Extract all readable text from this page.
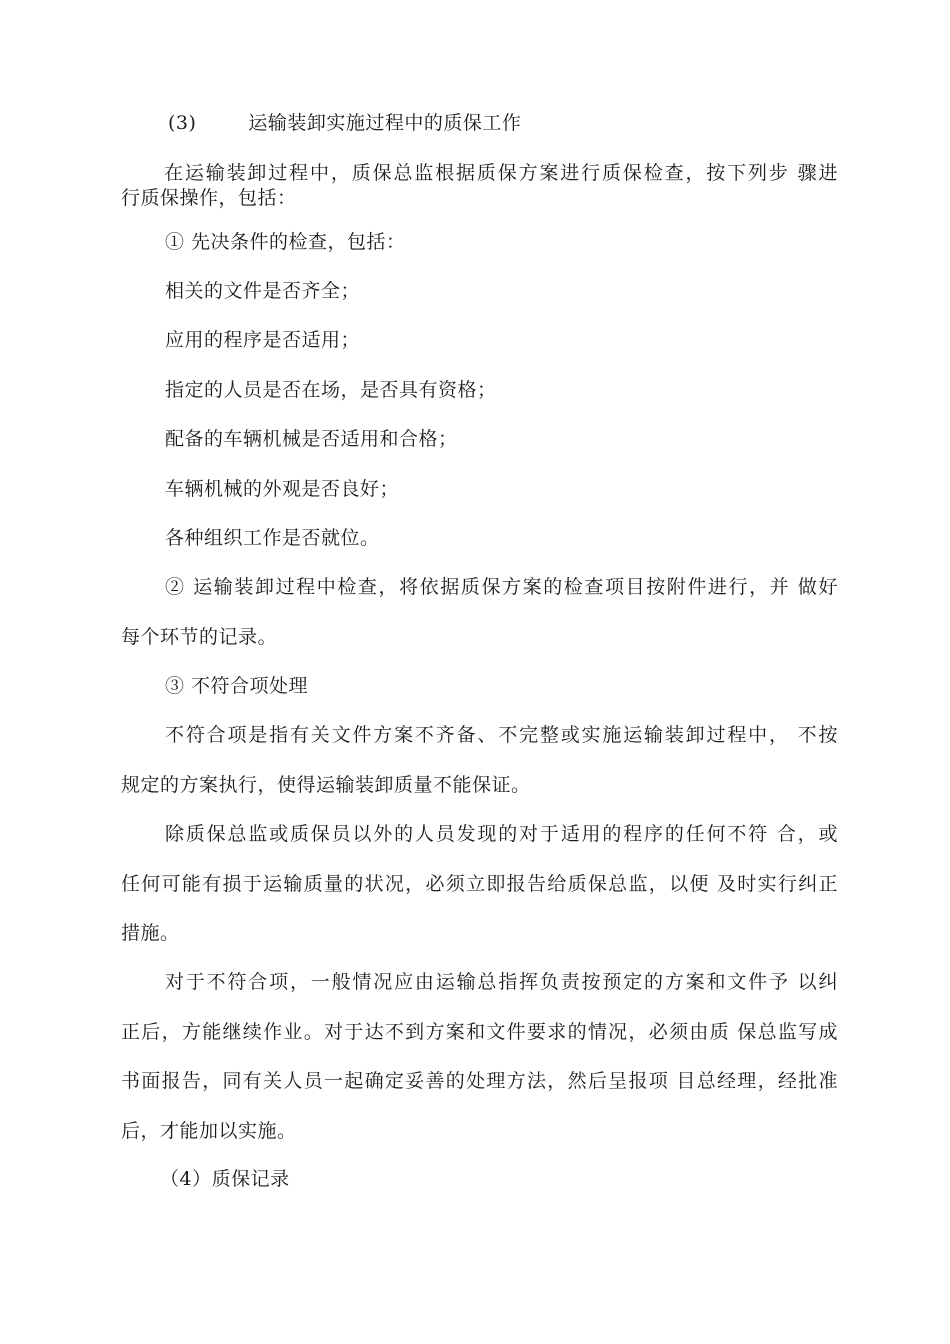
(3)	运输装卸实施过程中的质保工作
在运输装卸过程中，质保总监根据质保方案进行质保检查，按下列步 骤进
行质保操作，包括：
① 先决条件的检查，包括：
相关的文件是否齐全；
应用的程序是否适用；
指定的人员是否在场，是否具有资格；
配备的车辆机械是否适用和合格；
车辆机械的外观是否良好；
各种组织工作是否就位。
② 运输装卸过程中检查，将依据质保方案的检查项目按附件进行，并 做好
每个环节的记录。
③ 不符合项处理
不符合项是指有关文件方案不齐备、不完整或实施运输装卸过程中， 不按
规定的方案执行，使得运输装卸质量不能保证。
除质保总监或质保员以外的人员发现的对于适用的程序的任何不符 合，或
任何可能有损于运输质量的状况，必须立即报告给质保总监，以便 及时实行纠正
措施。
对于不符合项，一般情况应由运输总指挥负责按预定的方案和文件予 以纠
正后，方能继续作业。对于达不到方案和文件要求的情况，必须由质 保总监写成
书面报告，同有关人员一起确定妥善的处理方法，然后呈报项 目总经理，经批准
后，才能加以实施。
（4）质保记录
